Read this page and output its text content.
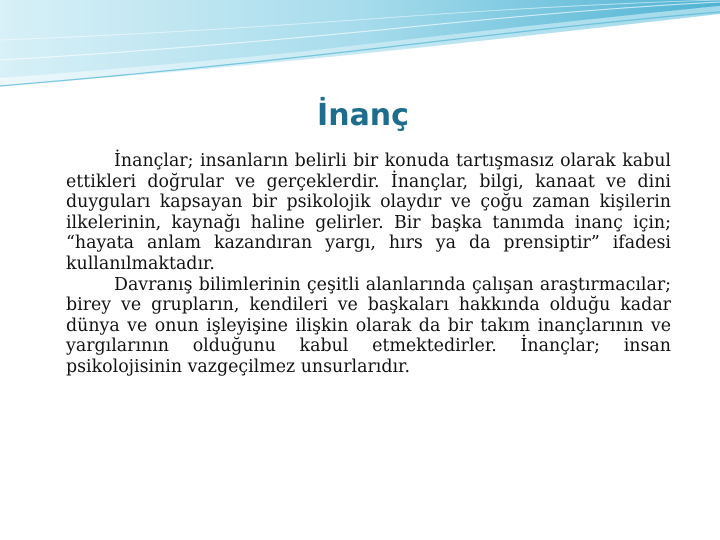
İnanç

İnançlar; insanların belirli bir konuda tartışmasız olarak kabul ettikleri doğrular ve gerçeklerdir. İnançlar, bilgi, kanaat ve dini duyguları kapsayan bir psikolojik olaydır ve çoğu zaman kişilerin ilkelerinin, kaynağı haline gelirler. Bir başka tanımda inanç için; “hayata anlam kazandıran yargı, hırs ya da prensiptir” ifadesi kullanılmaktadır.

Davranış bilimlerinin çeşitli alanlarında çalışan araştırmacılar; birey ve grupların, kendileri ve başkaları hakkında olduğu kadar dünya ve onun işleyişine ilişkin olarak da bir takım inançlarının ve yargılarının olduğunu kabul etmektedirler. İnançlar; insan psikolojisinin vazgeçilmez unsurlarıdır.
